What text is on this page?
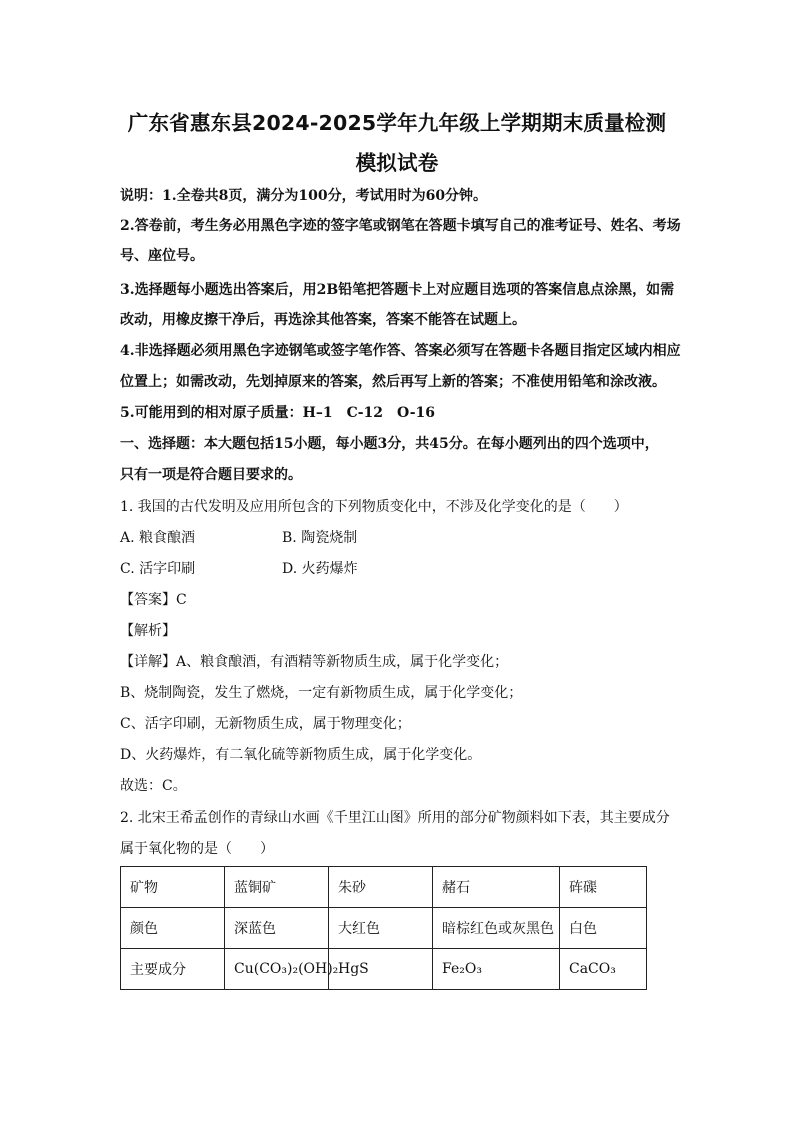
广东省惠东县2024-2025学年九年级上学期期末质量检测
模拟试卷
说明：1.全卷共8页，满分为100分，考试用时为60分钟。
2.答卷前，考生务必用黑色字迹的签字笔或钢笔在答题卡填写自己的准考证号、姓名、考场
号、座位号。
3.选择题每小题选出答案后，用2B铅笔把答题卡上对应题目选项的答案信息点涂黑，如需
改动，用橡皮擦干净后，再选涂其他答案，答案不能答在试题上。
4.非选择题必须用黑色字迹钢笔或签字笔作答、答案必须写在答题卡各题目指定区域内相应
位置上；如需改动，先划掉原来的答案，然后再写上新的答案；不准使用铅笔和涂改液。
5.可能用到的相对原子质量：H–1　C-12　O-16
一、选择题：本大题包括15小题，每小题3分，共45分。在每小题列出的四个选项中，
只有一项是符合题目要求的。
1. 我国的古代发明及应用所包含的下列物质变化中，不涉及化学变化的是（　　）
A. 粮食酿酒	B. 陶瓷烧制
C. 活字印刷	D. 火药爆炸
【答案】C
【解析】
【详解】A、粮食酿酒，有酒精等新物质生成，属于化学变化；
B、烧制陶瓷，发生了燃烧，一定有新物质生成，属于化学变化；
C、活字印刷，无新物质生成，属于物理变化；
D、火药爆炸，有二氧化硫等新物质生成，属于化学变化。
故选：C。
2. 北宋王希孟创作的青绿山水画《千里江山图》所用的部分矿物颜料如下表，其主要成分
属于氧化物的是（　　）
矿物	蓝铜矿	朱砂	赭石	砗磲
颜色	深蓝色	大红色	暗棕红色或灰黑色	白色
主要成分	Cu(CO₃)₂(OH)₂	HgS	Fe₂O₃	CaCO₃
